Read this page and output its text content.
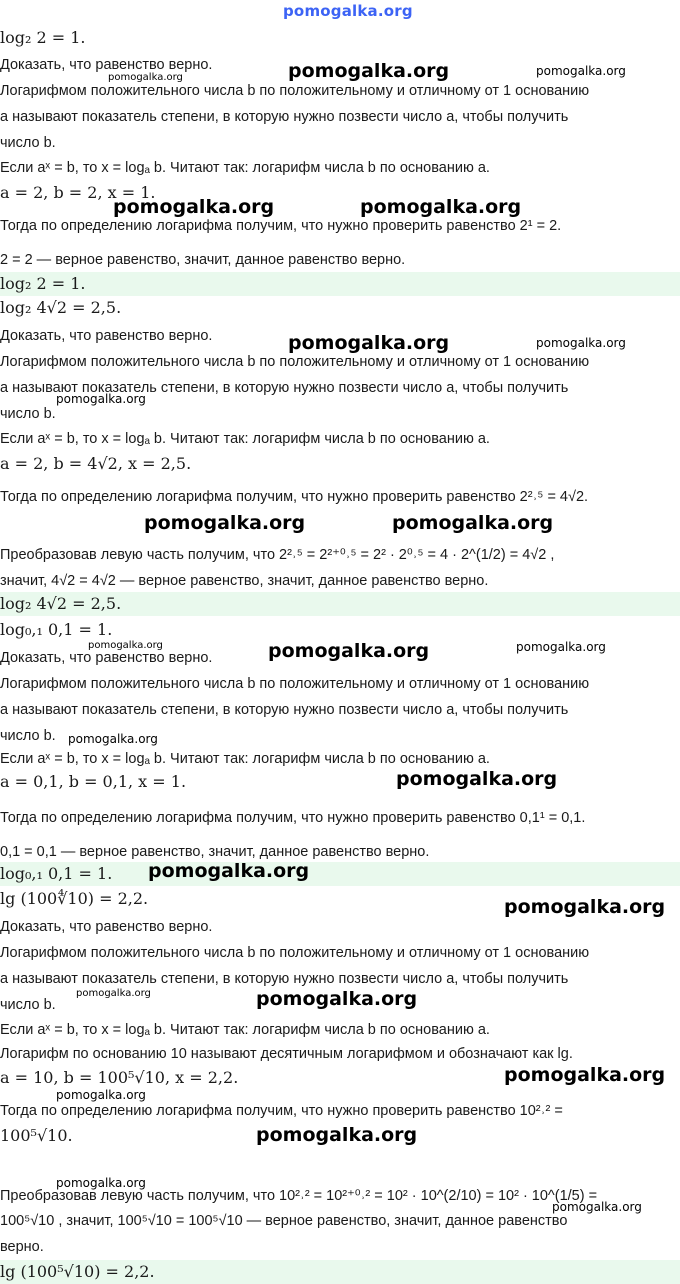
pomogalka.org
log₂ 2 = 1.
Доказать, что равенство верно.
Логарифмом положительного числа b по положительному и отличному от 1 основанию
a называют показатель степени, в которую нужно позвести число a, чтобы получить
число b.
Если aˣ = b, то x = logₐ b. Читают так: логарифм числа b по основанию a.
a = 2, b = 2, x = 1.
Тогда по определению логарифма получим, что нужно проверить равенство 2¹ = 2.
2 = 2 — верное равенство, значит, данное равенство верно.
log₂ 2 = 1.
log₂ 4√2 = 2,5.
Доказать, что равенство верно.
Логарифмом положительного числа b по положительному и отличному от 1 основанию
a называют показатель степени, в которую нужно позвести число a, чтобы получить
число b.
Если aˣ = b, то x = logₐ b. Читают так: логарифм числа b по основанию a.
a = 2, b = 4√2, x = 2,5.
Тогда по определению логарифма получим, что нужно проверить равенство 2²˒⁵ = 4√2.
Преобразовав левую часть получим, что 2²˒⁵ = 2²⁺⁰˒⁵ = 2² · 2⁰˒⁵ = 4 · 2^(1/2) = 4√2 ,
значит, 4√2 = 4√2 — верное равенство, значит, данное равенство верно.
log₂ 4√2 = 2,5.
log₀,₁ 0,1 = 1.
Доказать, что равенство верно.
Логарифмом положительного числа b по положительному и отличному от 1 основанию
a называют показатель степени, в которую нужно позвести число a, чтобы получить
число b.
Если aˣ = b, то x = logₐ b. Читают так: логарифм числа b по основанию a.
a = 0,1, b = 0,1, x = 1.
Тогда по определению логарифма получим, что нужно проверить равенство 0,1¹ = 0,1.
0,1 = 0,1 — верное равенство, значит, данное равенство верно.
log₀,₁ 0,1 = 1.
lg (100∜10) = 2,2.
Доказать, что равенство верно.
Логарифмом положительного числа b по положительному и отличному от 1 основанию
a называют показатель степени, в которую нужно позвести число a, чтобы получить
число b.
Если aˣ = b, то x = logₐ b. Читают так: логарифм числа b по основанию a.
Логарифм по основанию 10 называют десятичным логарифмом и обозначают как lg.
a = 10, b = 100⁵√10, x = 2,2.
Тогда по определению логарифма получим, что нужно проверить равенство 10²˒² =
100⁵√10.
Преобразовав левую часть получим, что 10²˒² = 10²⁺⁰˒² = 10² · 10^(2/10) = 10² · 10^(1/5) =
100⁵√10 , значит, 100⁵√10 = 100⁵√10 — верное равенство, значит, данное равенство
верно.
lg (100⁵√10) = 2,2.
pomogalka.org	pomogalka.org
pomogalka.org
pomogalka.org	pomogalka.org
pomogalka.org	pomogalka.org
pomogalka.org
pomogalka.org	pomogalka.org
pomogalka.org	pomogalka.org	pomogalka.org
pomogalka.org
pomogalka.org
pomogalka.org
pomogalka.org
pomogalka.org	pomogalka.org
pomogalka.org
pomogalka.org
pomogalka.org
pomogalka.org
pomogalka.org
